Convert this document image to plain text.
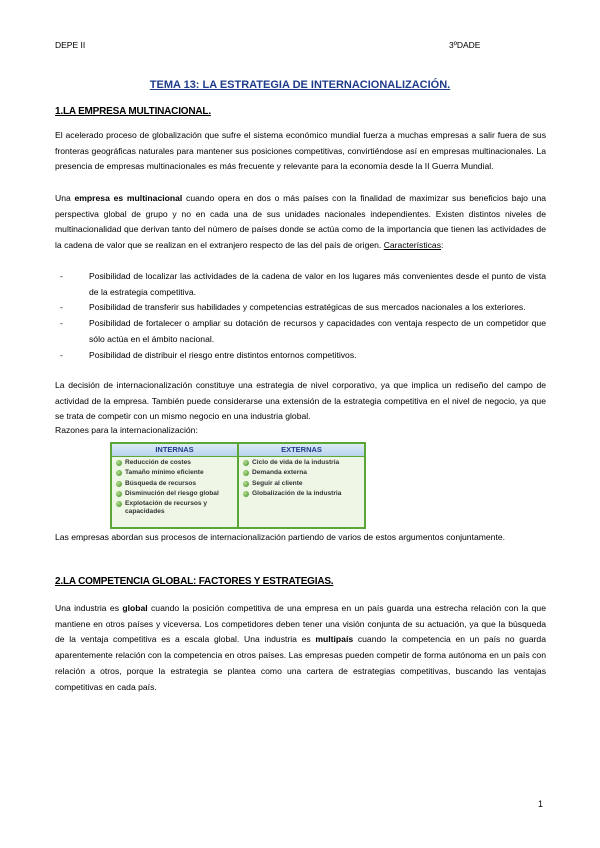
DEPE II	3ºDADE
TEMA 13: LA ESTRATEGIA DE INTERNACIONALIZACIÓN.
1.LA EMPRESA MULTINACIONAL.
El acelerado proceso de globalización que sufre el sistema económico mundial fuerza a muchas empresas a salir fuera de sus fronteras geográficas naturales para mantener sus posiciones competitivas, convirtiéndose así en empresas multinacionales. La presencia de empresas multinacionales es más frecuente y relevante para la economía desde la II Guerra Mundial.
Una empresa es multinacional cuando opera en dos o más países con la finalidad de maximizar sus beneficios bajo una perspectiva global de grupo y no en cada una de sus unidades nacionales independientes. Existen distintos niveles de multinacionalidad que derivan tanto del número de países donde se actúa como de la importancia que tienen las actividades de la cadena de valor que se realizan en el extranjero respecto de las del país de origen. Características:
-	Posibilidad de localizar las actividades de la cadena de valor en los lugares más convenientes desde el punto de vista de la estrategia competitiva.
-	Posibilidad de transferir sus habilidades y competencias estratégicas de sus mercados nacionales a los exteriores.
-	Posibilidad de fortalecer o ampliar su dotación de recursos y capacidades con ventaja respecto de un competidor que sólo actúa en el ámbito nacional.
-	Posibilidad de distribuir el riesgo entre distintos entornos competitivos.
La decisión de internacionalización constituye una estrategia de nivel corporativo, ya que implica un rediseño del campo de actividad de la empresa. También puede considerarse una extensión de la estrategia competitiva en el nivel de negocio, ya que se trata de competir con un mismo negocio en una industria global.
Razones para la internacionalización:
INTERNAS
Reducción de costes
Tamaño mínimo eficiente
Búsqueda de recursos
Disminución del riesgo global
Explotación de recursos y capacidades
EXTERNAS
Ciclo de vida de la industria
Demanda externa
Seguir al cliente
Globalización de la industria
Las empresas abordan sus procesos de internacionalización partiendo de varios de estos argumentos conjuntamente.
2.LA COMPETENCIA GLOBAL: FACTORES Y ESTRATEGIAS.
Una industria es global cuando la posición competitiva de una empresa en un país guarda una estrecha relación con la que mantiene en otros países y viceversa. Los competidores deben tener una visión conjunta de su actuación, ya que la búsqueda de la ventaja competitiva es a escala global. Una industria es multipaís cuando la competencia en un país no guarda aparentemente relación con la competencia en otros países. Las empresas pueden competir de forma autónoma en un país con relación a otros, porque la estrategia se plantea como una cartera de estrategias competitivas, buscando las ventajas competitivas en cada país.
1
